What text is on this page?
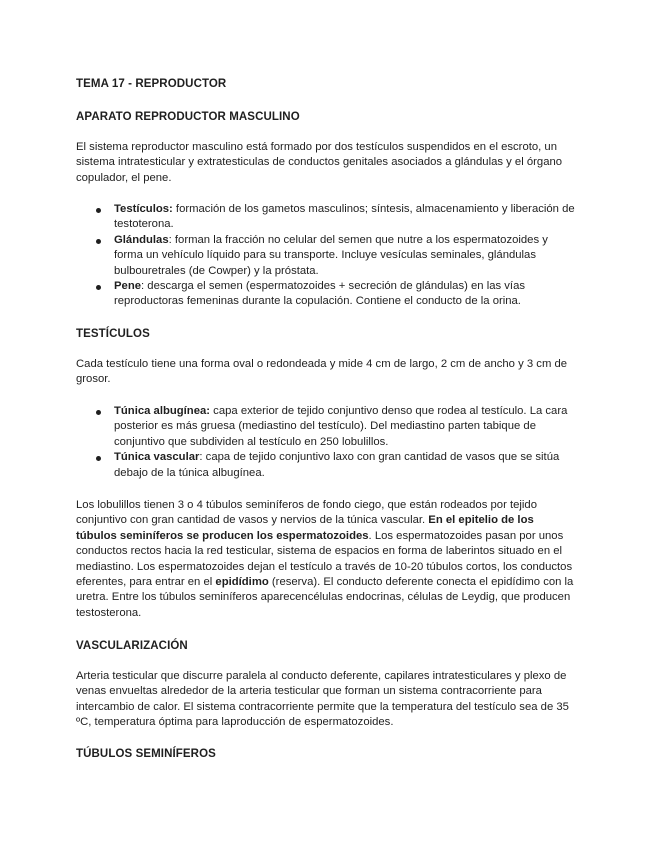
TEMA 17 - REPRODUCTOR
APARATO REPRODUCTOR MASCULINO

El sistema reproductor masculino está formado por dos testículos suspendidos en el escroto, un sistema intratesticular y extratesticulas de conductos genitales asociados a glándulas y el órgano copulador, el pene.

Testículos: formación de los gametos masculinos; síntesis, almacenamiento y liberación de testoterona.
Glándulas: forman la fracción no celular del semen que nutre a los espermatozoides y forma un vehículo líquido para su transporte. Incluye vesículas seminales, glándulas bulbouretrales (de Cowper) y la próstata.
Pene: descarga el semen (espermatozoides + secreción de glándulas) en las vías reproductoras femeninas durante la copulación. Contiene el conducto de la orina.
TESTÍCULOS

Cada testículo tiene una forma oval o redondeada y mide 4 cm de largo, 2 cm de ancho y 3 cm de grosor.

Túnica albugínea: capa exterior de tejido conjuntivo denso que rodea al testículo. La cara posterior es más gruesa (mediastino del testículo). Del mediastino parten tabique de conjuntivo que subdividen al testículo en 250 lobulillos.
Túnica vascular: capa de tejido conjuntivo laxo con gran cantidad de vasos que se sitúa debajo de la túnica albugínea.

Los lobulillos tienen 3 o 4 túbulos seminíferos de fondo ciego, que están rodeados por tejido conjuntivo con gran cantidad de vasos y nervios de la túnica vascular. En el epitelio de los túbulos seminíferos se producen los espermatozoides. Los espermatozoides pasan por unos conductos rectos hacia la red testicular, sistema de espacios en forma de laberintos situado en el mediastino. Los espermatozoides dejan el testículo a través de 10-20 túbulos cortos, los conductos eferentes, para entrar en el epidídimo (reserva). El conducto deferente conecta el epidídimo con la uretra. Entre los túbulos seminíferos aparecencélulas endocrinas, células de Leydig, que producen testosterona.

VASCULARIZACIÓN

Arteria testicular que discurre paralela al conducto deferente, capilares intratesticulares y plexo de venas envueltas alrededor de la arteria testicular que forman un sistema contracorriente para intercambio de calor. El sistema contracorriente permite que la temperatura del testículo sea de 35 ºC, temperatura óptima para laproducción de espermatozoides.

TÚBULOS SEMINÍFEROS
